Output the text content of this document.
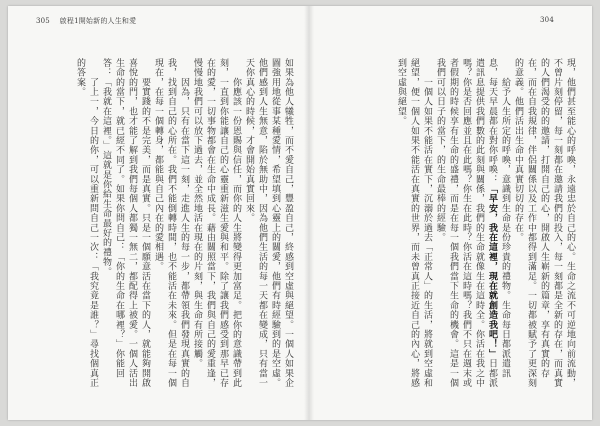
305 啟程1開始新的人生和愛	304
如果為他人犧牲，而不愛自己，豐盈自己，終感到空虛與絕望。一個人如果企圖強用地從事某種愛情，希望填到心靈上的關愛，他們有時經驗到的是空虛。他們感到人生無意，陷於無助中，因為他們生活的每一天都在變成，只有當一天你真心的時候，才會開始真實回來。
　　你應該一份恩賜與信任，而你的人生將變得更加富足。把你的意識帶到此刻，一直到你能讓自己的心靈重新滋生愛與和平。除了讓我們感受到那早已存在的愛，一切事物都會在生命中成長。藉由關照當下，我們與自己的愛重逢，慢慢地我們可以放下過去，並全然地活在現在的片刻，與生命有所接觸。
　　因為，只有在當下這一刻，走進人生的每一步，都帶領我們發現真實的自我，找到自己的心所在。我們不能倒轉時間，也不能活在未來。但是在每一個現在，在每一個轉身，都能與自己內在的愛相遇。
　　要實踐的不是完美，而是真實。只是一個願意活在當下的人，就能夠開啟喜悅的門，也才能了解到我們每個人都獨一無二，都配得上被愛。一個人活出生命的當下，就已經不同了。如果你問自己：「你的生命在哪裡？」你能回答：「我就在這裡。」這就是你給生命最好的禮物。
　　了上一，今日的你，可以重新問自己一次：「我究竟是誰？」尋找個真正的答案。	現，他們甚至能心的呼喚，永遠忠於自己的心。生命之流不可逆地向前流動，不曾片刻停留，每一刻都在邀請我們的投入，每一刻都是全新的存在，而真實的人們渴受的的邀請，打開自己的心，開啟人生嶄新的篇章，享有真實的存在，而在自我規律，伴侶關係以及工作中都得到滿足。一切都被賦予了更深刻的意義。他們活出生命中真實切切的存在。
　　給予人生所定的呼喚，意識到生命是份珍貴的禮物。生命每日都派遣訊息，每天早晨都在對你呼喚：「早安，我在這裡，現在就創造我吧！」日都派遣訊息提供我們數的此刻與關係，我們的生命就像生在這時全。你活在我之中嗎？你是否回應並且在此嗎？你生在此時？你活在這時嗎？我們不只在週末或者假期的時候享有生命的盛禮，而是在每一個我們當下生命的機會。這是一個我們可以日子的當下，的生命最棒的經驗。
　　一個人如果不能活在實下，沉溺於過去「正常人」的生活，將就到空虛和絕望，便一個人如果不能活在真實的世界，而未曾真正接近自己的內心，將感到空虛與絕望。
